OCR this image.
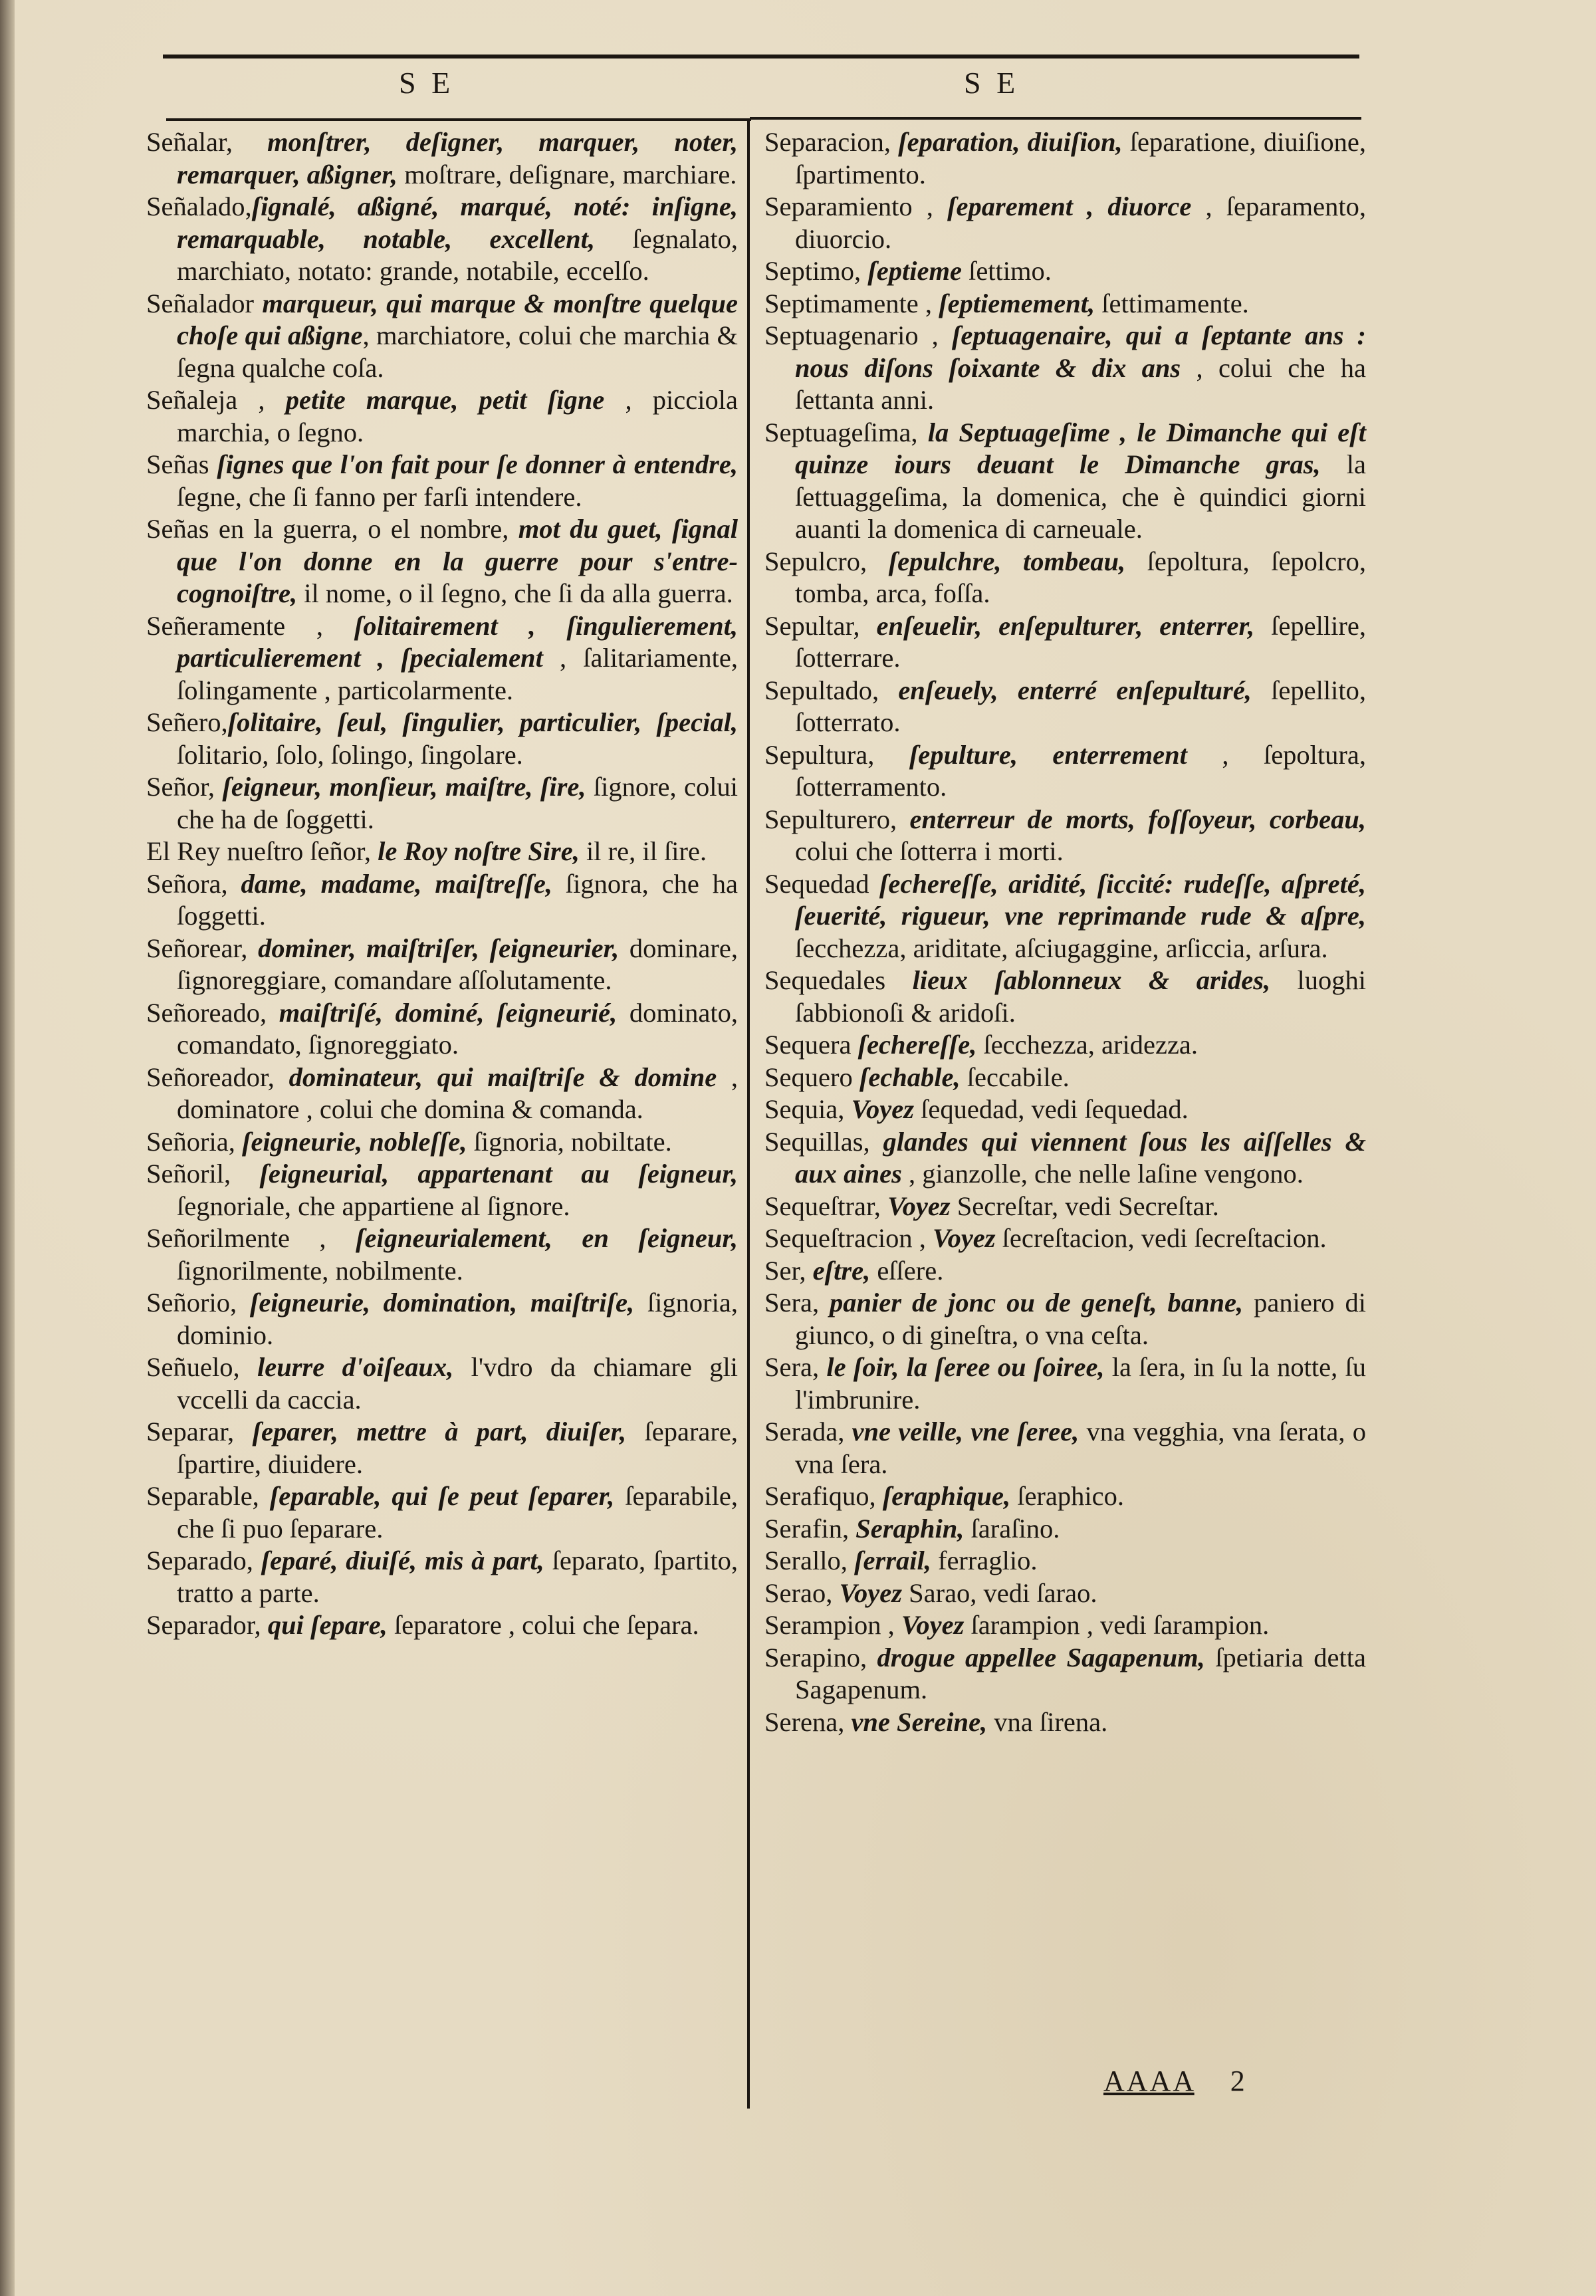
S E	S E

Señalar, monſtrer, deſigner, marquer, noter, remarquer, aßigner, moſtrare, deſignare, marchiare.

Señalado,ſignalé, aßigné, marqué, noté: inſigne, remarquable, notable, excellent, ſegnalato, marchiato, notato: grande, notabile, eccelſo.

Señalador marqueur, qui marque & monſtre quelque choſe qui aßigne, marchiatore, colui che marchia & ſegna qualche coſa.

Señaleja , petite marque, petit ſigne , picciola marchia, o ſegno.

Señas ſignes que l'on fait pour ſe donner à entendre, ſegne, che ſi fanno per farſi intendere.

Señas en la guerra, o el nombre, mot du guet, ſignal que l'on donne en la guerre pour s'entre-cognoiſtre, il nome, o il ſegno, che ſi da alla guerra.

Señeramente , ſolitairement , ſingulierement, particulierement , ſpecialement , ſalitariamente, ſolingamente , particolarmente.

Señero,ſolitaire, ſeul, ſingulier, particulier, ſpecial, ſolitario, ſolo, ſolingo, ſingolare.

Señor, ſeigneur, monſieur, maiſtre, ſire, ſignore, colui che ha de ſoggetti.

El Rey nueſtro ſeñor, le Roy noſtre Sire, il re, il ſire.

Señora, dame, madame, maiſtreſſe, ſignora, che ha ſoggetti.

Señorear, dominer, maiſtriſer, ſeigneurier, dominare, ſignoreggiare, comandare aſſolutamente.

Señoreado, maiſtriſé, dominé, ſeigneurié, dominato, comandato, ſignoreggiato.

Señoreador, dominateur, qui maiſtriſe & domine , dominatore , colui che domina & comanda.

Señoria, ſeigneurie, nobleſſe, ſignoria, nobiltate.

Señoril, ſeigneurial, appartenant au ſeigneur, ſegnoriale, che appartiene al ſignore.

Señorilmente , ſeigneurialement, en ſeigneur, ſignorilmente, nobilmente.

Señorio, ſeigneurie, domination, maiſtriſe, ſignoria, dominio.

Señuelo, leurre d'oiſeaux, l'vdro da chiamare gli vccelli da caccia.

Separar, ſeparer, mettre à part, diuiſer, ſeparare, ſpartire, diuidere.

Separable, ſeparable, qui ſe peut ſeparer, ſeparabile, che ſi puo ſeparare.

Separado, ſeparé, diuiſé, mis à part, ſeparato, ſpartito, tratto a parte.

Separador, qui ſepare, ſeparatore , colui che ſepara.

Separacion, ſeparation, diuiſion, ſeparatione, diuiſione, ſpartimento.

Separamiento , ſeparement , diuorce , ſeparamento, diuorcio.

Septimo, ſeptieme ſettimo.

Septimamente , ſeptiemement, ſettimamente.

Septuagenario , ſeptuagenaire, qui a ſeptante ans : nous diſons ſoixante & dix ans , colui che ha ſettanta anni.

Septuageſima, la Septuageſime , le Dimanche qui eſt quinze iours deuant le Dimanche gras, la ſettuaggeſima, la domenica, che è quindici giorni auanti la domenica di carneuale.

Sepulcro, ſepulchre, tombeau, ſepoltura, ſepolcro, tomba, arca, foſſa.

Sepultar, enſeuelir, enſepulturer, enterrer, ſepellire, ſotterrare.

Sepultado, enſeuely, enterré enſepulturé, ſepellito, ſotterrato.

Sepultura, ſepulture, enterrement , ſepoltura, ſotterramento.

Sepulturero, enterreur de morts, foſſoyeur, corbeau, colui che ſotterra i morti.

Sequedad ſechereſſe, aridité, ſiccité: rudeſſe, aſpreté, ſeuerité, rigueur, vne reprimande rude & aſpre, ſecchezza, ariditate, aſciugaggine, arſiccia, arſura.

Sequedales lieux ſablonneux & arides, luoghi ſabbionoſi & aridoſi.

Sequera ſechereſſe, ſecchezza, aridezza.

Sequero ſechable, ſeccabile.

Sequia, Voyez ſequedad, vedi ſequedad.

Sequillas, glandes qui viennent ſous les aiſſelles & aux aines , gianzolle, che nelle laſine vengono.

Sequeſtrar, Voyez Secreſtar, vedi Secreſtar.

Sequeſtracion , Voyez ſecreſtacion, vedi ſecreſtacion.

Ser, eſtre, eſſere.

Sera, panier de jonc ou de geneſt, banne, paniero di giunco, o di gineſtra, o vna ceſta.

Sera, le ſoir, la ſeree ou ſoiree, la ſera, in ſu la notte, ſu l'imbrunire.

Serada, vne veille, vne ſeree, vna vegghia, vna ſerata, o vna ſera.

Serafiquo, ſeraphique, ſeraphico.

Serafin, Seraphin, ſaraſino.

Serallo, ſerrail, ferraglio.

Serao, Voyez Sarao, vedi ſarao.

Serampion , Voyez ſarampion , vedi ſarampion.

Serapino, drogue appellee Sagapenum, ſpetiaria detta Sagapenum.

Serena, vne Sereine, vna ſirena.

AAAA 2
